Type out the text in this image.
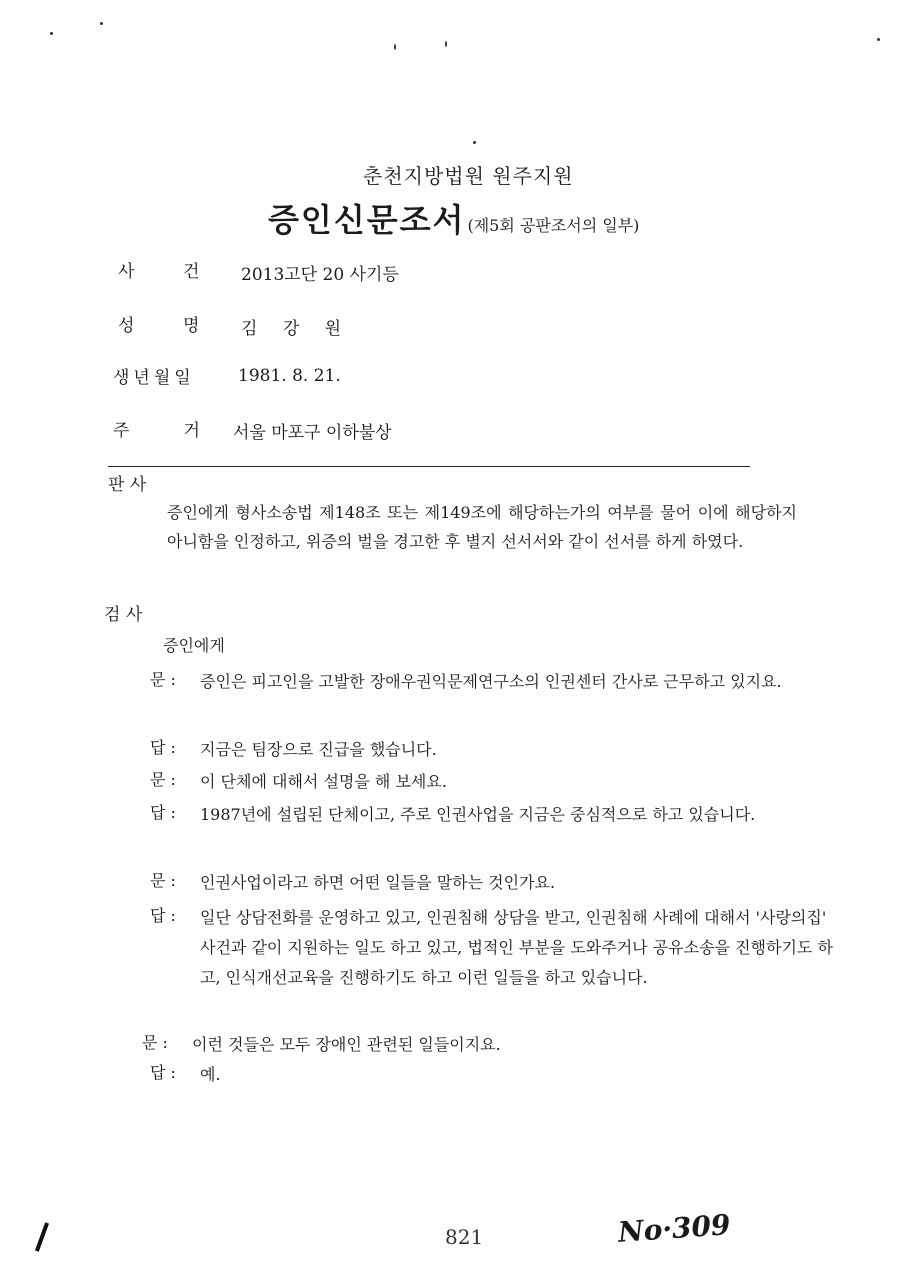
춘천지방법원 원주지원
증인신문조서 (제5회 공판조서의 일부)
사         건 2013고단 20 사기등
성         명 김 강 원
생년월일	1981. 8. 21.
주          거 서울 마포구 이하불상
판 사
증인에게 형사소송법 제148조 또는 제149조에 해당하는가의 여부를 물어 이에 해당하지 아니함을 인정하고, 위증의 벌을 경고한 후 별지 선서서와 같이 선서를 하게 하였다.
검 사
증인에게
문 : 증인은 피고인을 고발한 장애우권익문제연구소의 인권센터 간사로 근무하고 있지요.
답 : 지금은 팀장으로 진급을 했습니다.
문 : 이 단체에 대해서 설명을 해 보세요.
답 : 1987년에 설립된 단체이고, 주로 인권사업을 지금은 중심적으로 하고 있습니다.
문 : 인권사업이라고 하면 어떤 일들을 말하는 것인가요.
답 : 일단 상담전화를 운영하고 있고, 인권침해 상담을 받고, 인권침해 사례에 대해서 '사랑의집' 사건과 같이 지원하는 일도 하고 있고, 법적인 부분을 도와주거나 공유소송을 진행하기도 하고, 인식개선교육을 진행하기도 하고 이런 일들을 하고 있습니다.
문 : 이런 것들은 모두 장애인 관련된 일들이지요.
답 : 예.
821	No·309
